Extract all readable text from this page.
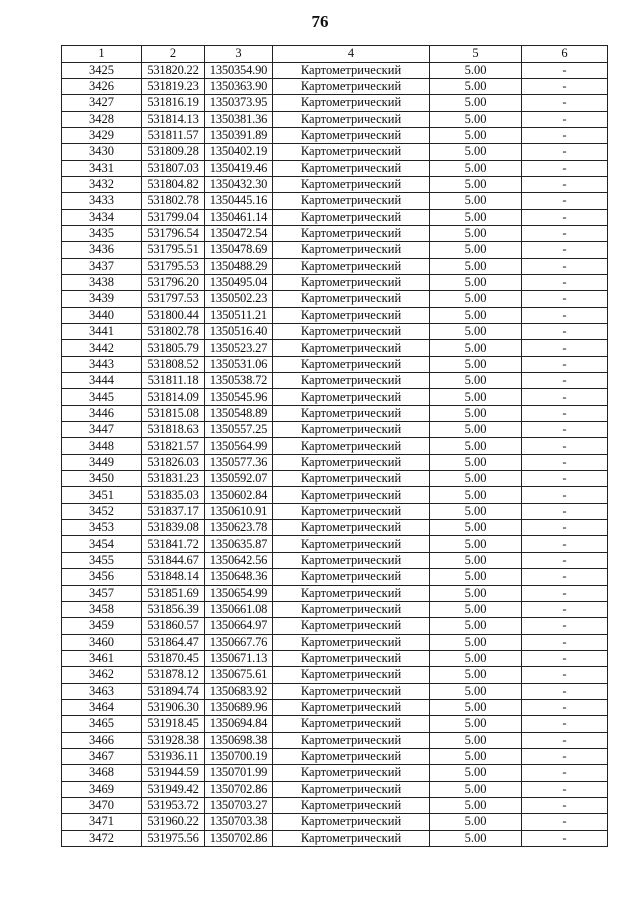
76
1	2	3	4	5	6
3425	531820.22	1350354.90	Картометрический	5.00	-
3426	531819.23	1350363.90	Картометрический	5.00	-
3427	531816.19	1350373.95	Картометрический	5.00	-
3428	531814.13	1350381.36	Картометрический	5.00	-
3429	531811.57	1350391.89	Картометрический	5.00	-
3430	531809.28	1350402.19	Картометрический	5.00	-
3431	531807.03	1350419.46	Картометрический	5.00	-
3432	531804.82	1350432.30	Картометрический	5.00	-
3433	531802.78	1350445.16	Картометрический	5.00	-
3434	531799.04	1350461.14	Картометрический	5.00	-
3435	531796.54	1350472.54	Картометрический	5.00	-
3436	531795.51	1350478.69	Картометрический	5.00	-
3437	531795.53	1350488.29	Картометрический	5.00	-
3438	531796.20	1350495.04	Картометрический	5.00	-
3439	531797.53	1350502.23	Картометрический	5.00	-
3440	531800.44	1350511.21	Картометрический	5.00	-
3441	531802.78	1350516.40	Картометрический	5.00	-
3442	531805.79	1350523.27	Картометрический	5.00	-
3443	531808.52	1350531.06	Картометрический	5.00	-
3444	531811.18	1350538.72	Картометрический	5.00	-
3445	531814.09	1350545.96	Картометрический	5.00	-
3446	531815.08	1350548.89	Картометрический	5.00	-
3447	531818.63	1350557.25	Картометрический	5.00	-
3448	531821.57	1350564.99	Картометрический	5.00	-
3449	531826.03	1350577.36	Картометрический	5.00	-
3450	531831.23	1350592.07	Картометрический	5.00	-
3451	531835.03	1350602.84	Картометрический	5.00	-
3452	531837.17	1350610.91	Картометрический	5.00	-
3453	531839.08	1350623.78	Картометрический	5.00	-
3454	531841.72	1350635.87	Картометрический	5.00	-
3455	531844.67	1350642.56	Картометрический	5.00	-
3456	531848.14	1350648.36	Картометрический	5.00	-
3457	531851.69	1350654.99	Картометрический	5.00	-
3458	531856.39	1350661.08	Картометрический	5.00	-
3459	531860.57	1350664.97	Картометрический	5.00	-
3460	531864.47	1350667.76	Картометрический	5.00	-
3461	531870.45	1350671.13	Картометрический	5.00	-
3462	531878.12	1350675.61	Картометрический	5.00	-
3463	531894.74	1350683.92	Картометрический	5.00	-
3464	531906.30	1350689.96	Картометрический	5.00	-
3465	531918.45	1350694.84	Картометрический	5.00	-
3466	531928.38	1350698.38	Картометрический	5.00	-
3467	531936.11	1350700.19	Картометрический	5.00	-
3468	531944.59	1350701.99	Картометрический	5.00	-
3469	531949.42	1350702.86	Картометрический	5.00	-
3470	531953.72	1350703.27	Картометрический	5.00	-
3471	531960.22	1350703.38	Картометрический	5.00	-
3472	531975.56	1350702.86	Картометрический	5.00	-
